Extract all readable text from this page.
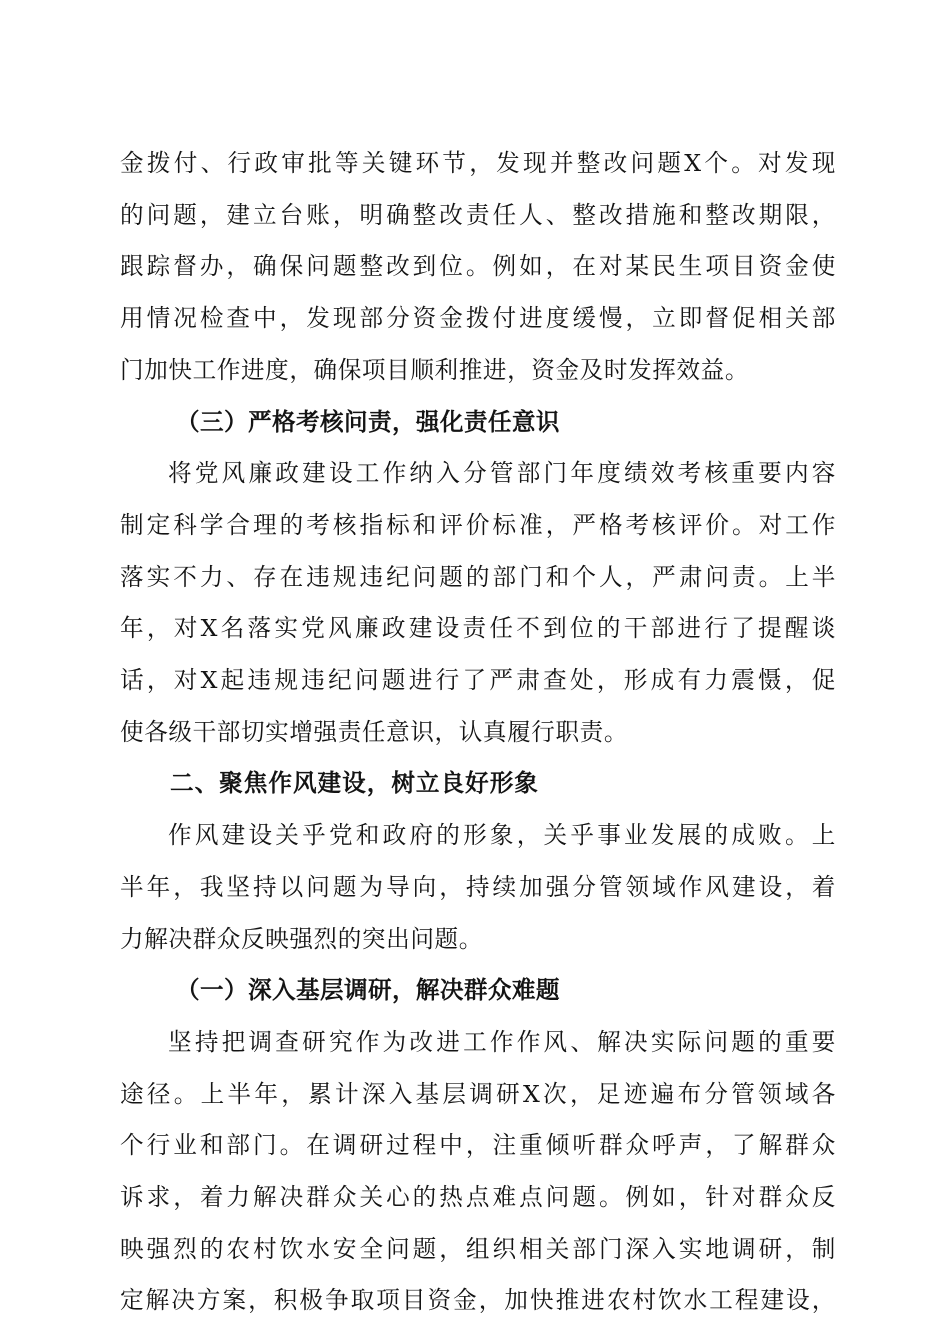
金拨付、行政审批等关键环节，发现并整改问题X个。对发现
的问题，建立台账，明确整改责任人、整改措施和整改期限，
跟踪督办，确保问题整改到位。例如，在对某民生项目资金使
用情况检查中，发现部分资金拨付进度缓慢，立即督促相关部
门加快工作进度，确保项目顺利推进，资金及时发挥效益。

（三）严格考核问责，强化责任意识

将党风廉政建设工作纳入分管部门年度绩效考核重要内容
制定科学合理的考核指标和评价标准，严格考核评价。对工作
落实不力、存在违规违纪问题的部门和个人，严肃问责。上半
年，对X名落实党风廉政建设责任不到位的干部进行了提醒谈
话，对X起违规违纪问题进行了严肃查处，形成有力震慑，促
使各级干部切实增强责任意识，认真履行职责。

二、聚焦作风建设，树立良好形象

作风建设关乎党和政府的形象，关乎事业发展的成败。上
半年，我坚持以问题为导向，持续加强分管领域作风建设，着
力解决群众反映强烈的突出问题。

（一）深入基层调研，解决群众难题

坚持把调查研究作为改进工作作风、解决实际问题的重要
途径。上半年，累计深入基层调研X次，足迹遍布分管领域各
个行业和部门。在调研过程中，注重倾听群众呼声，了解群众
诉求，着力解决群众关心的热点难点问题。例如，针对群众反
映强烈的农村饮水安全问题，组织相关部门深入实地调研，制
定解决方案，积极争取项目资金，加快推进农村饮水工程建设，
